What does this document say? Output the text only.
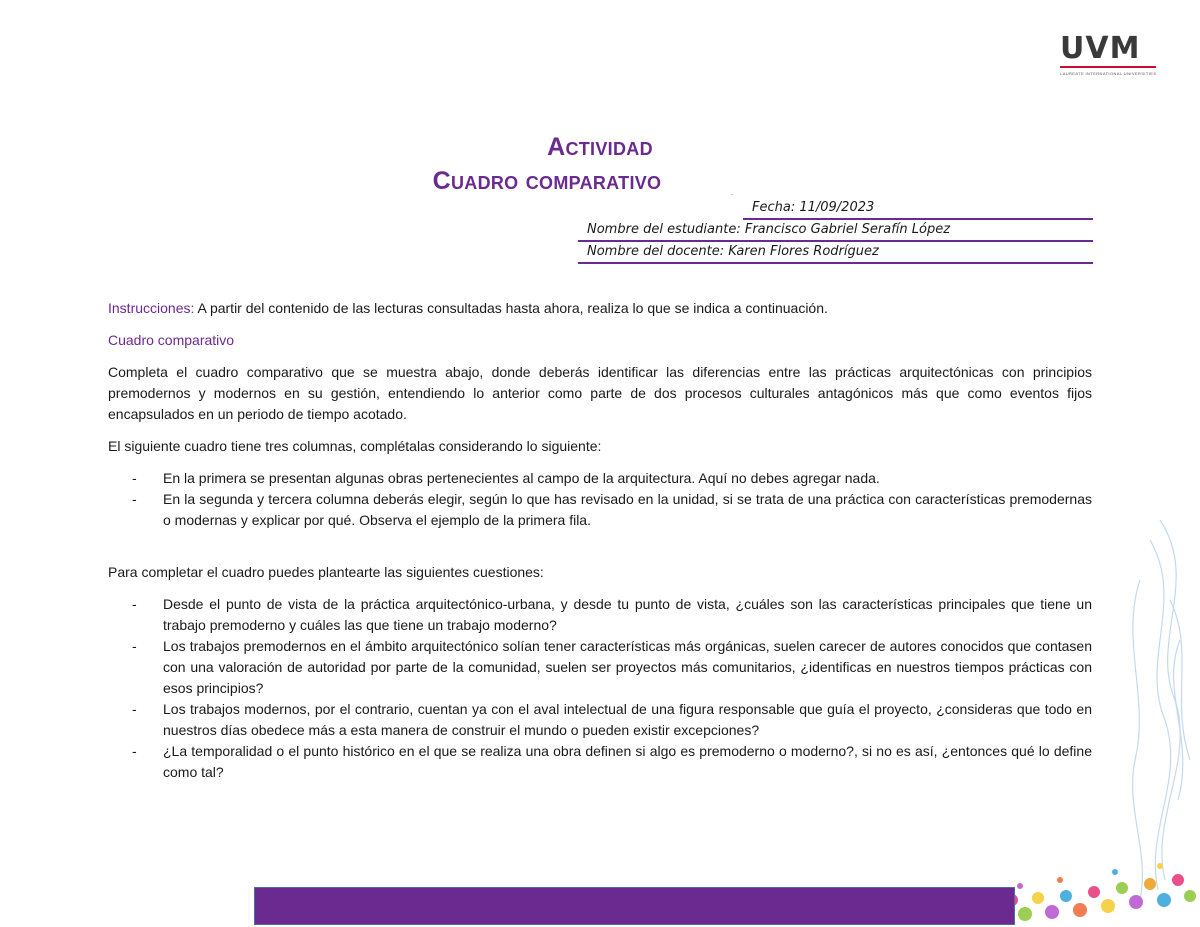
UVM
LAUREATE INTERNATIONAL UNIVERSITIES
Actividad
Cuadro comparativo	.
Fecha: 11/09/2023
Nombre del estudiante: Francisco Gabriel Serafín López
Nombre del docente: Karen Flores Rodríguez

Instrucciones: A partir del contenido de las lecturas consultadas hasta ahora, realiza lo que se indica a continuación.

Cuadro comparativo

Completa el cuadro comparativo que se muestra abajo, donde deberás identificar las diferencias entre las prácticas arquitectónicas con principios premodernos y modernos en su gestión, entendiendo lo anterior como parte de dos procesos culturales antagónicos más que como eventos fijos encapsulados en un periodo de tiempo acotado.

El siguiente cuadro tiene tres columnas, complétalas considerando lo siguiente:

- En la primera se presentan algunas obras pertenecientes al campo de la arquitectura. Aquí no debes agregar nada.
- En la segunda y tercera columna deberás elegir, según lo que has revisado en la unidad, si se trata de una práctica con características premodernas o modernas y explicar por qué. Observa el ejemplo de la primera fila.

Para completar el cuadro puedes plantearte las siguientes cuestiones:

- Desde el punto de vista de la práctica arquitectónico-urbana, y desde tu punto de vista, ¿cuáles son las características principales que tiene un trabajo premoderno y cuáles las que tiene un trabajo moderno?
- Los trabajos premodernos en el ámbito arquitectónico solían tener características más orgánicas, suelen carecer de autores conocidos que contasen con una valoración de autoridad por parte de la comunidad, suelen ser proyectos más comunitarios, ¿identificas en nuestros tiempos prácticas con esos principios?
- Los trabajos modernos, por el contrario, cuentan ya con el aval intelectual de una figura responsable que guía el proyecto, ¿consideras que todo en nuestros días obedece más a esta manera de construir el mundo o pueden existir excepciones?
- ¿La temporalidad o el punto histórico en el que se realiza una obra definen si algo es premoderno o moderno?, si no es así, ¿entonces qué lo define como tal?
